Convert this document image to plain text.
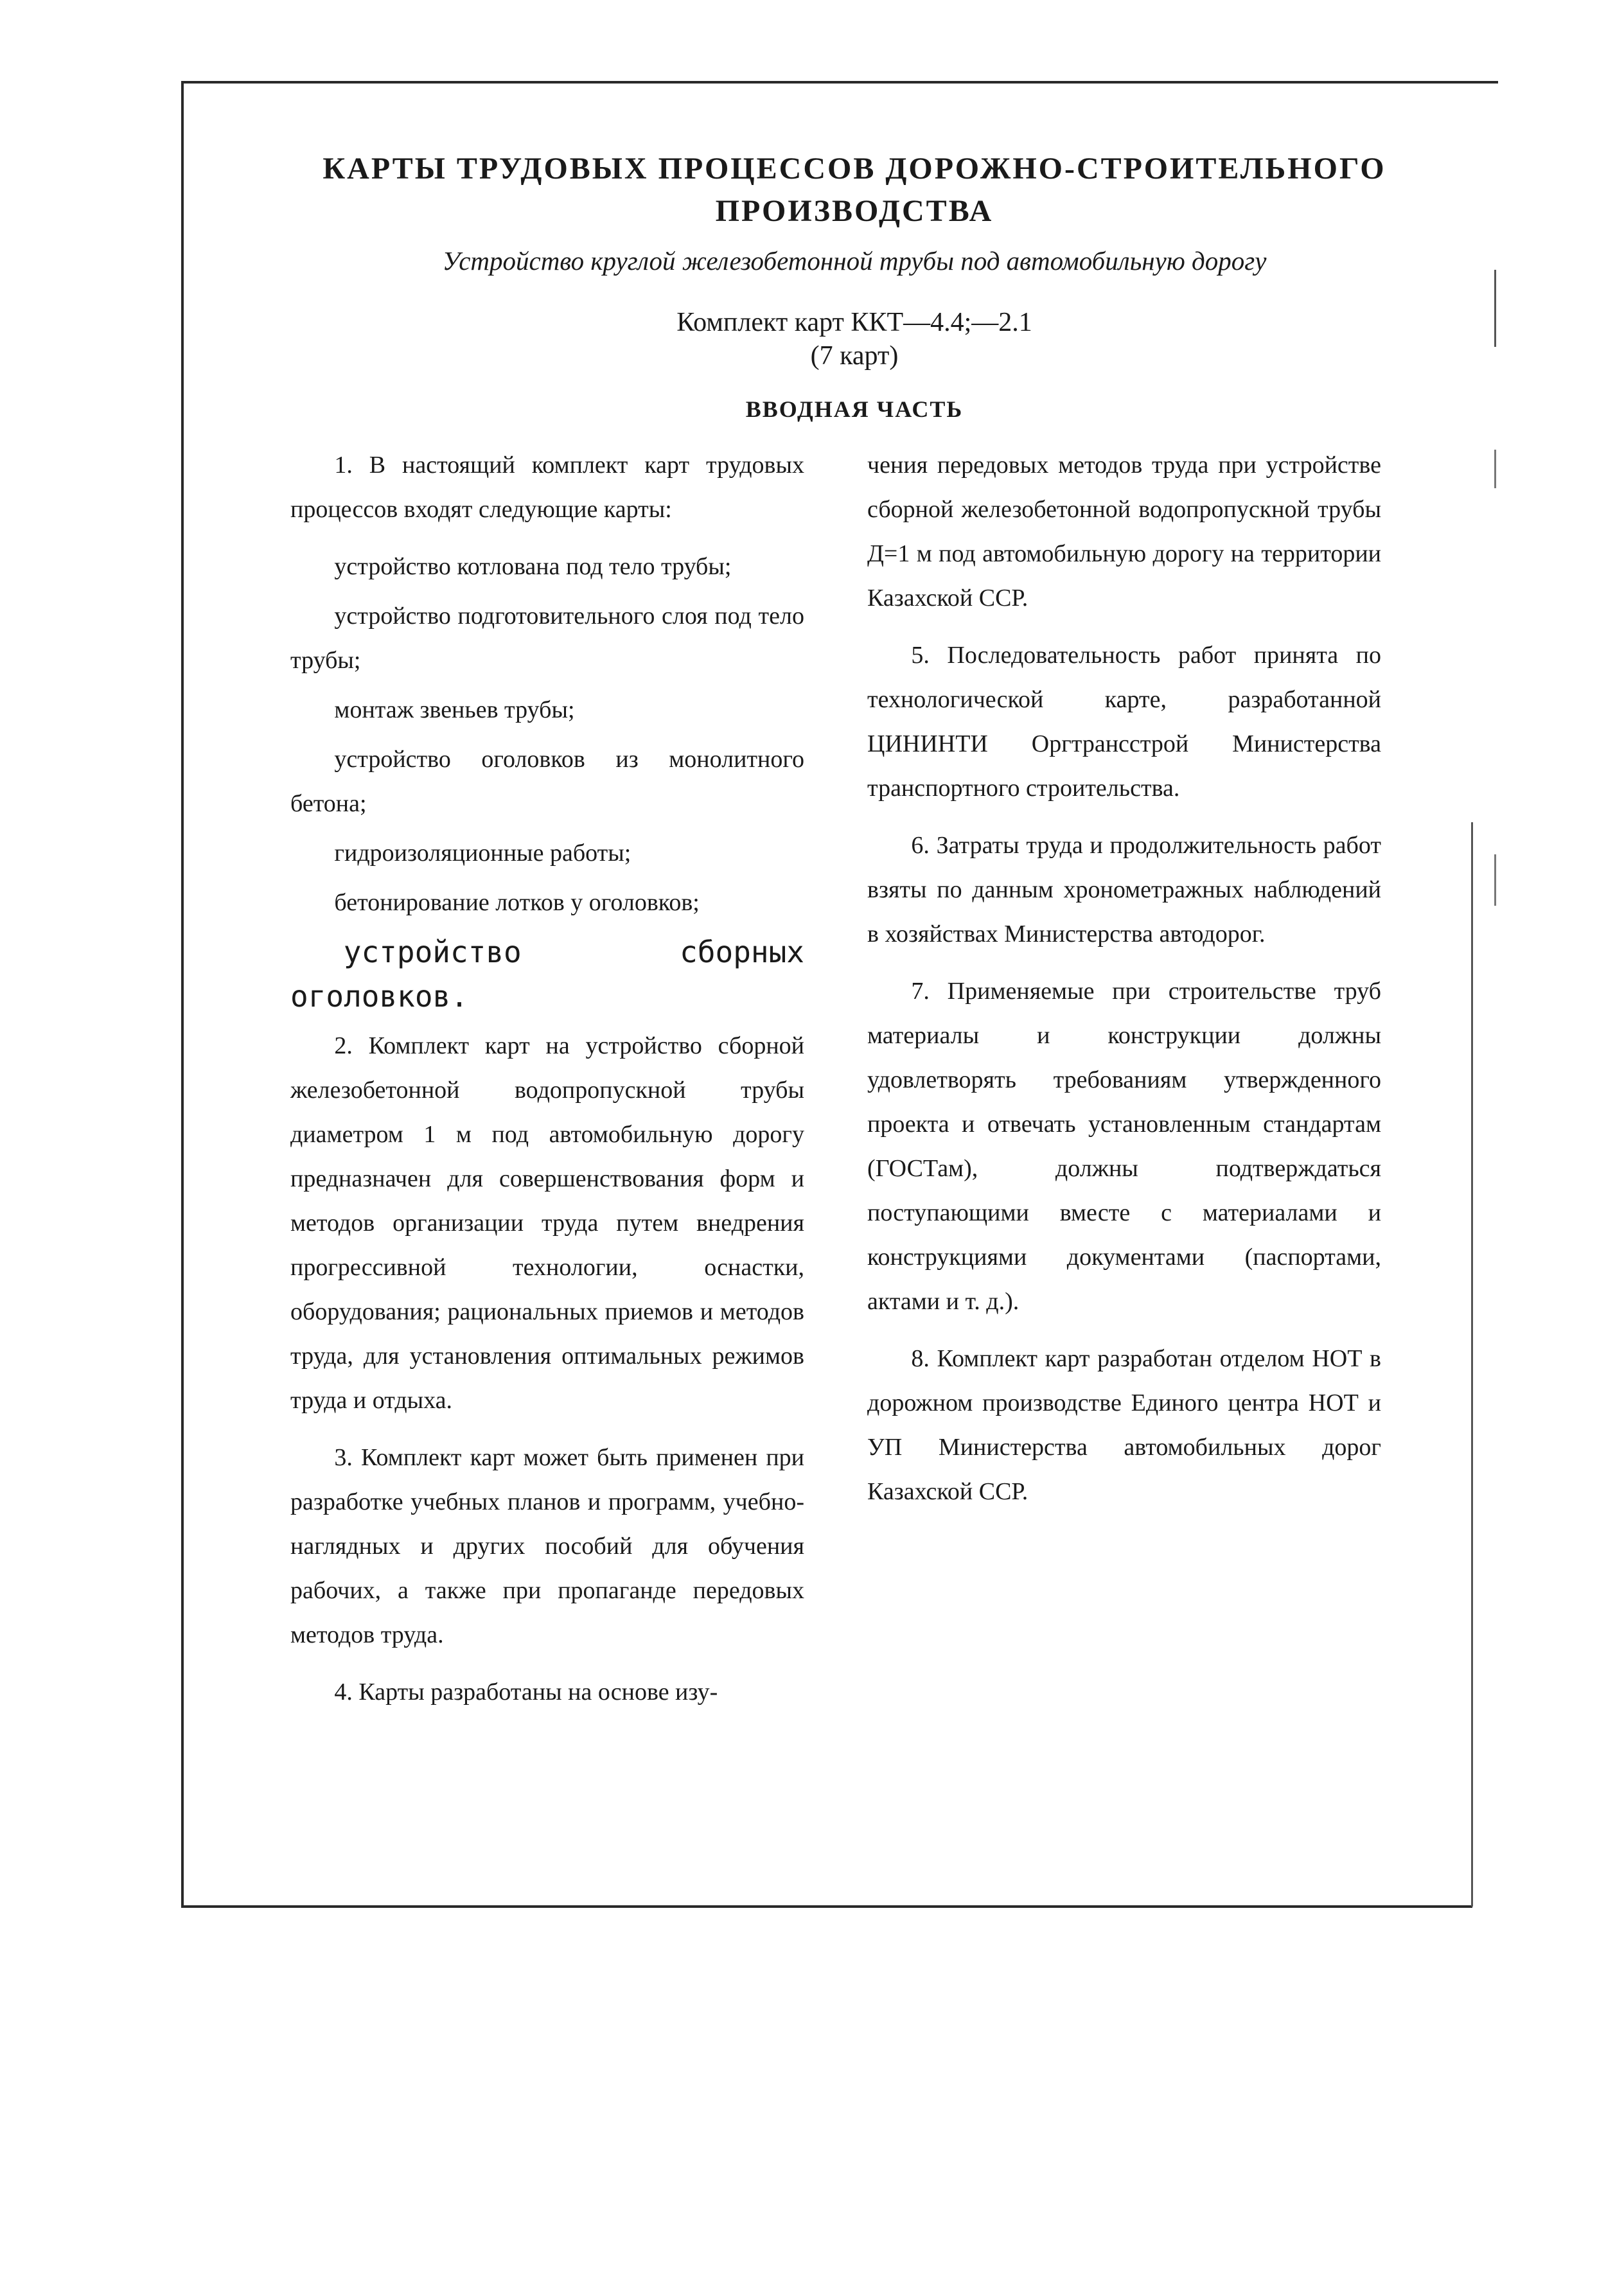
КАРТЫ ТРУДОВЫХ ПРОЦЕССОВ ДОРОЖНО-СТРОИТЕЛЬНОГО
ПРОИЗВОДСТВА
Устройство круглой железобетонной трубы под автомобильную дорогу
Комплект карт ККТ—4.4;—2.1
(7 карт)
ВВОДНАЯ ЧАСТЬ

1. В настоящий комплект карт трудовых процессов входят следующие карты:

устройство котлована под тело трубы;

устройство подготовительного слоя под тело трубы;

монтаж звеньев трубы;

устройство оголовков из монолитного бетона;

гидроизоляционные работы;

бетонирование лотков у оголовков;

устройство сборных оголовков.

2. Комплект карт на устройство сборной железобетонной водопропускной трубы диаметром 1 м под автомобильную дорогу предназначен для совершенствования форм и методов организации труда путем внедрения прогрессивной технологии, оснастки, оборудования; рациональных приемов и методов труда, для установления оптимальных режимов труда и отдыха.

3. Комплект карт может быть применен при разработке учебных планов и программ, учебно-наглядных и других пособий для обучения рабочих, а также при пропаганде передовых методов труда.

4. Карты разработаны на основе изу-

чения передовых методов труда при устройстве сборной железобетонной водопропускной трубы Д=1 м под автомобильную дорогу на территории Казахской ССР.

5. Последовательность работ принята по технологической карте, разработанной ЦИНИНТИ Оргтрансстрой Министерства транспортного строительства.

6. Затраты труда и продолжительность работ взяты по данным хронометражных наблюдений в хозяйствах Министерства автодорог.

7. Применяемые при строительстве труб материалы и конструкции должны удовлетворять требованиям утвержденного проекта и отвечать установленным стандартам (ГОСТам), должны подтверждаться поступающими вместе с материалами и конструкциями документами (паспортами, актами и т. д.).

8. Комплект карт разработан отделом НОТ в дорожном производстве Единого центра НОТ и УП Министерства автомобильных дорог Казахской ССР.
